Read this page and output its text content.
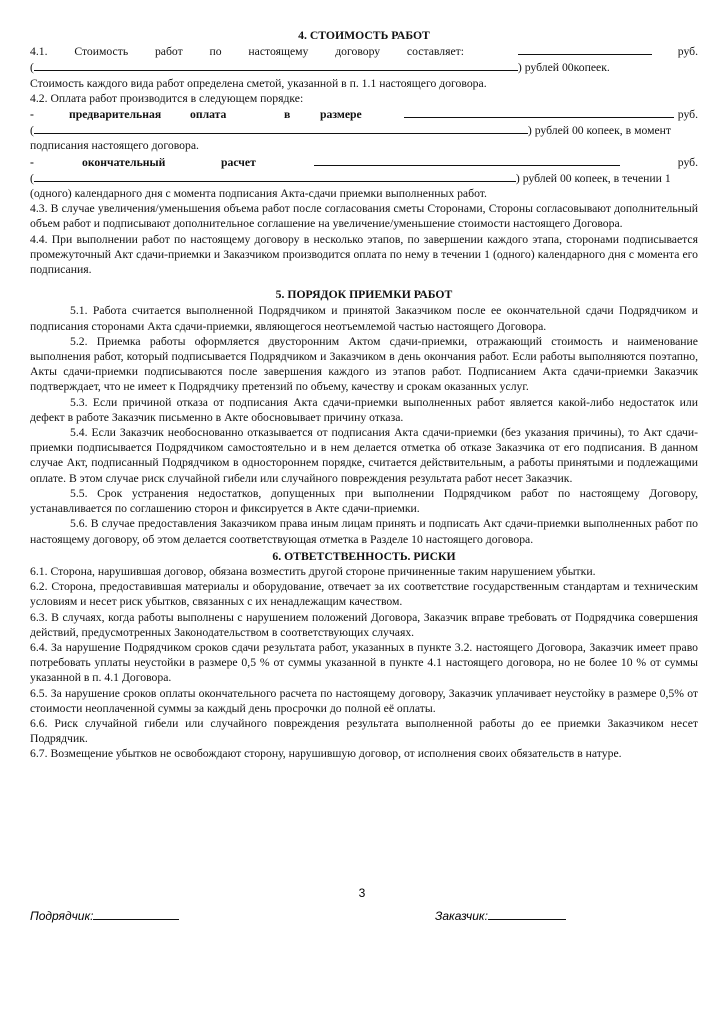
4. СТОИМОСТЬ РАБОТ

4.1. Стоимость работ по настоящему договору составляет:	руб.
(	) рублей 00копеек.

Стоимость каждого вида работ определена сметой, указанной в п. 1.1 настоящего договора.

4.2. Оплата работ производится в следующем порядке:

-	предварительная оплата	в	размере	руб.
(	) рублей 00 копеек, в момент

подписания настоящего договора.

-	окончательный	расчет	руб.
(	) рублей 00 копеек, в течении 1

(одного) календарного дня с момента подписания Акта-сдачи приемки выполненных работ.

4.3. В случае увеличения/уменьшения объема работ после согласования сметы Сторонами, Стороны согласовывают дополнительный объем работ и подписывают дополнительное соглашение на увеличение/уменьшение стоимости настоящего Договора.

4.4. При выполнении работ по настоящему договору в несколько этапов, по завершении каждого этапа, сторонами подписывается промежуточный Акт сдачи-приемки и Заказчиком производится оплата по нему в течении 1 (одного) календарного дня с момента его подписания.

5. ПОРЯДОК ПРИЕМКИ РАБОТ

5.1. Работа считается выполненной Подрядчиком и принятой Заказчиком после ее окончательной сдачи Подрядчиком и подписания сторонами Акта сдачи-приемки, являющегося неотъемлемой частью настоящего Договора.

5.2. Приемка работы оформляется двусторонним Актом сдачи-приемки, отражающий стоимость и наименование выполнения работ, который подписывается Подрядчиком и Заказчиком в день окончания работ. Если работы выполняются поэтапно, Акты сдачи-приемки подписываются после завершения каждого из этапов работ. Подписанием Акта сдачи-приемки Заказчик подтверждает, что не имеет к Подрядчику претензий по объему, качеству и срокам оказанных услуг.

5.3. Если причиной отказа от подписания Акта сдачи-приемки выполненных работ является какой-либо недостаток или дефект в работе Заказчик письменно в Акте обосновывает причину отказа.

5.4. Если Заказчик необоснованно отказывается от подписания Акта сдачи-приемки (без указания причины), то Акт сдачи-приемки подписывается Подрядчиком самостоятельно и в нем делается отметка об отказе Заказчика от его подписания. В данном случае Акт, подписанный Подрядчиком в одностороннем порядке, считается действительным, а работы принятыми и подлежащими оплате. В этом случае риск случайной гибели или случайного повреждения результата работ несет Заказчик.

5.5. Срок устранения недостатков, допущенных при выполнении Подрядчиком работ по настоящему Договору, устанавливается по соглашению сторон и фиксируется в Акте сдачи-приемки.

5.6. В случае предоставления Заказчиком права иным лицам принять и подписать Акт сдачи-приемки выполненных работ по настоящему договору, об этом делается соответствующая отметка в Разделе 10 настоящего договора.

6. ОТВЕТСТВЕННОСТЬ. РИСКИ

6.1. Сторона, нарушившая договор, обязана возместить другой стороне причиненные таким нарушением убытки.

6.2. Сторона, предоставившая материалы и оборудование, отвечает за их соответствие государственным стандартам и техническим условиям и несет риск убытков, связанных с их ненадлежащим качеством.

6.3. В случаях, когда работы выполнены с нарушением положений Договора, Заказчик вправе требовать от Подрядчика совершения действий, предусмотренных Законодательством в соответствующих случаях.

6.4. За нарушение Подрядчиком сроков сдачи результата работ, указанных в пункте 3.2. настоящего Договора, Заказчик имеет право потребовать уплаты неустойки в размере 0,5 % от суммы указанной в пункте 4.1 настоящего договора, но не более 10 % от суммы указанной в п. 4.1 Договора.

6.5. За нарушение сроков оплаты окончательного расчета по настоящему договору, Заказчик уплачивает неустойку в размере 0,5% от стоимости неоплаченной суммы за каждый день просрочки до полной её оплаты.

6.6. Риск случайной гибели или случайного повреждения результата выполненной работы до ее приемки Заказчиком несет Подрядчик.

6.7. Возмещение убытков не освобождают сторону, нарушившую договор, от исполнения своих обязательств в натуре.

3
Подрядчик:	Заказчик:
